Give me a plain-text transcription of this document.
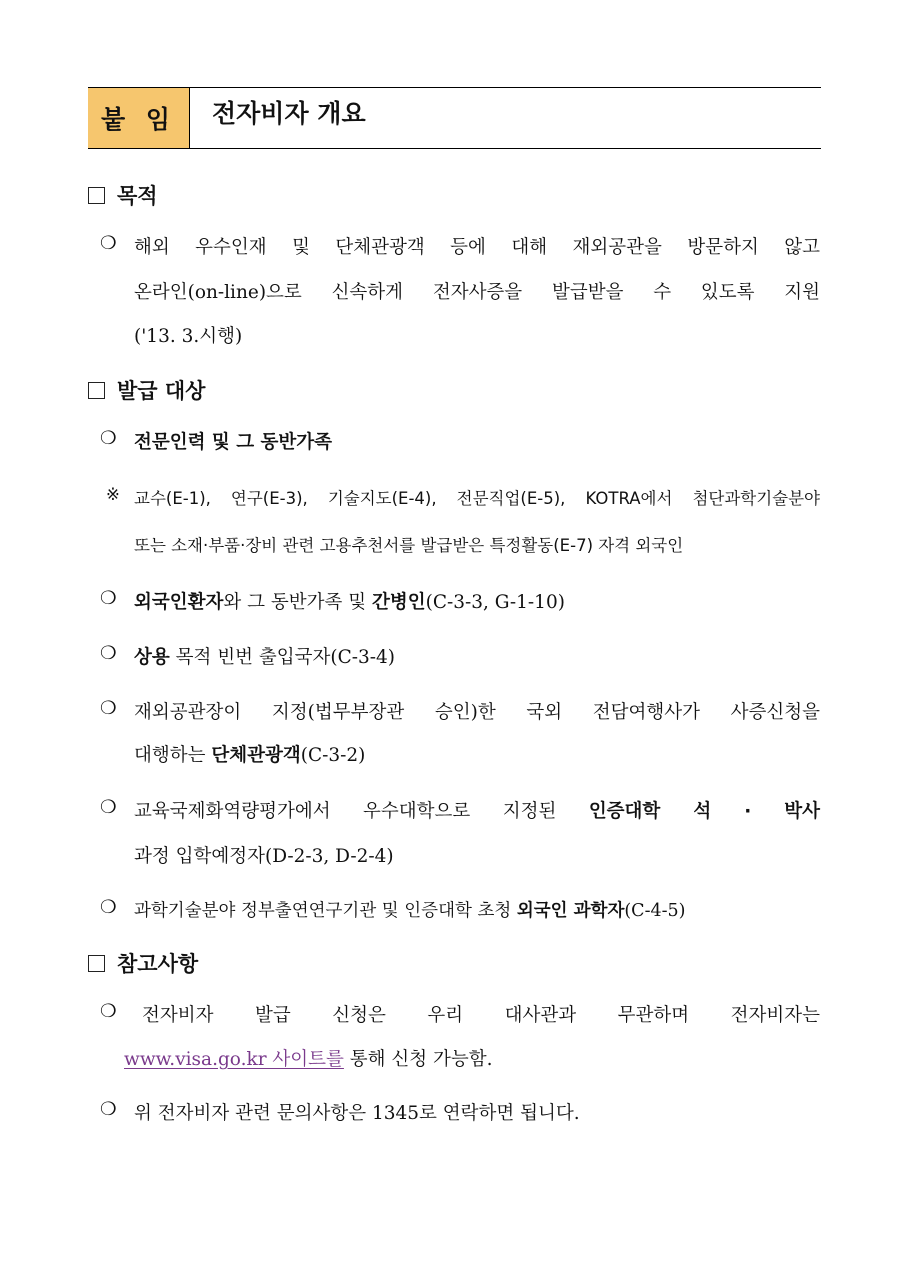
붙 임	전자비자 개요
목적
❍ 해외 우수인재 및 단체관광객 등에 대해 재외공관을 방문하지 않고
온라인(on-line)으로 신속하게 전자사증을 발급받을 수 있도록 지원
('13. 3.시행)
발급 대상
❍ 전문인력 및 그 동반가족
※ 교수(E-1), 연구(E-3), 기술지도(E-4), 전문직업(E-5), KOTRA에서 첨단과학기술분야
또는 소재·부품·장비 관련 고용추천서를 발급받은 특정활동(E-7) 자격 외국인
❍ 외국인환자와 그 동반가족 및 간병인(C-3-3, G-1-10)
❍ 상용 목적 빈번 출입국자(C-3-4)
❍ 재외공관장이 지정(법무부장관 승인)한 국외 전담여행사가 사증신청을
대행하는 단체관광객(C-3-2)
❍ 교육국제화역량평가에서 우수대학으로 지정된 인증대학 석 · 박사
과정 입학예정자(D-2-3, D-2-4)
❍ 과학기술분야 정부출연연구기관 및 인증대학 초청 외국인 과학자(C-4-5)
참고사항
❍ 전자비자 발급 신청은 우리 대사관과 무관하며 전자비자는
www.visa.go.kr 사이트를 통해 신청 가능함.
❍ 위 전자비자 관련 문의사항은 1345로 연락하면 됩니다.
